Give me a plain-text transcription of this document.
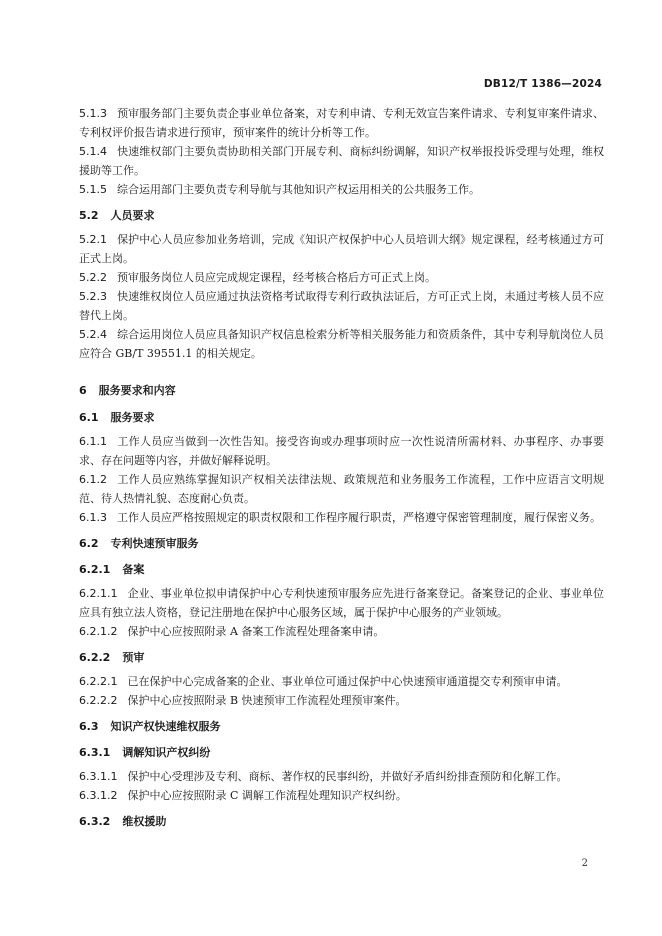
DB12/T 1386—2024
5.1.3 预审服务部门主要负责企事业单位备案，对专利申请、专利无效宣告案件请求、专利复审案件请求、专利权评价报告请求进行预审，预审案件的统计分析等工作。
5.1.4 快速维权部门主要负责协助相关部门开展专利、商标纠纷调解，知识产权举报投诉受理与处理，维权援助等工作。
5.1.5 综合运用部门主要负责专利导航与其他知识产权运用相关的公共服务工作。
5.2 人员要求
5.2.1 保护中心人员应参加业务培训，完成《知识产权保护中心人员培训大纲》规定课程，经考核通过方可正式上岗。
5.2.2 预审服务岗位人员应完成规定课程，经考核合格后方可正式上岗。
5.2.3 快速维权岗位人员应通过执法资格考试取得专利行政执法证后，方可正式上岗，未通过考核人员不应替代上岗。
5.2.4 综合运用岗位人员应具备知识产权信息检索分析等相关服务能力和资质条件，其中专利导航岗位人员应符合 GB/T 39551.1 的相关规定。
6 服务要求和内容
6.1 服务要求
6.1.1 工作人员应当做到一次性告知。接受咨询或办理事项时应一次性说清所需材料、办事程序、办事要求、存在问题等内容，并做好解释说明。
6.1.2 工作人员应熟练掌握知识产权相关法律法规、政策规范和业务服务工作流程，工作中应语言文明规范、待人热情礼貌、态度耐心负责。
6.1.3 工作人员应严格按照规定的职责权限和工作程序履行职责，严格遵守保密管理制度，履行保密义务。
6.2 专利快速预审服务
6.2.1 备案
6.2.1.1 企业、事业单位拟申请保护中心专利快速预审服务应先进行备案登记。备案登记的企业、事业单位应具有独立法人资格，登记注册地在保护中心服务区域，属于保护中心服务的产业领域。
6.2.1.2 保护中心应按照附录 A 备案工作流程处理备案申请。
6.2.2 预审
6.2.2.1 已在保护中心完成备案的企业、事业单位可通过保护中心快速预审通道提交专利预审申请。
6.2.2.2 保护中心应按照附录 B 快速预审工作流程处理预审案件。
6.3 知识产权快速维权服务
6.3.1 调解知识产权纠纷
6.3.1.1 保护中心受理涉及专利、商标、著作权的民事纠纷，并做好矛盾纠纷排查预防和化解工作。
6.3.1.2 保护中心应按照附录 C 调解工作流程处理知识产权纠纷。
6.3.2 维权援助
2
